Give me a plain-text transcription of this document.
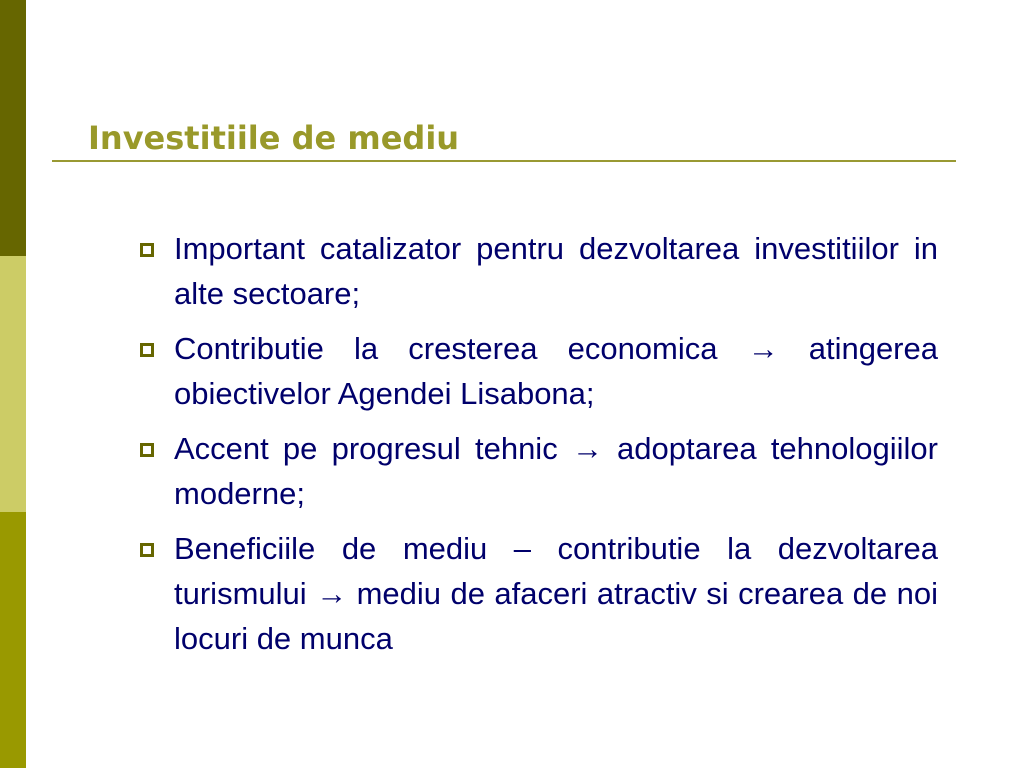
Investitiile de mediu
Important catalizator pentru dezvoltarea investitiilor in alte sectoare;
Contributie la cresterea economica → atingerea obiectivelor Agendei Lisabona;
Accent pe progresul tehnic → adoptarea tehnologiilor moderne;
Beneficiile de mediu – contributie la dezvoltarea turismului → mediu de afaceri atractiv si crearea de noi locuri de munca
